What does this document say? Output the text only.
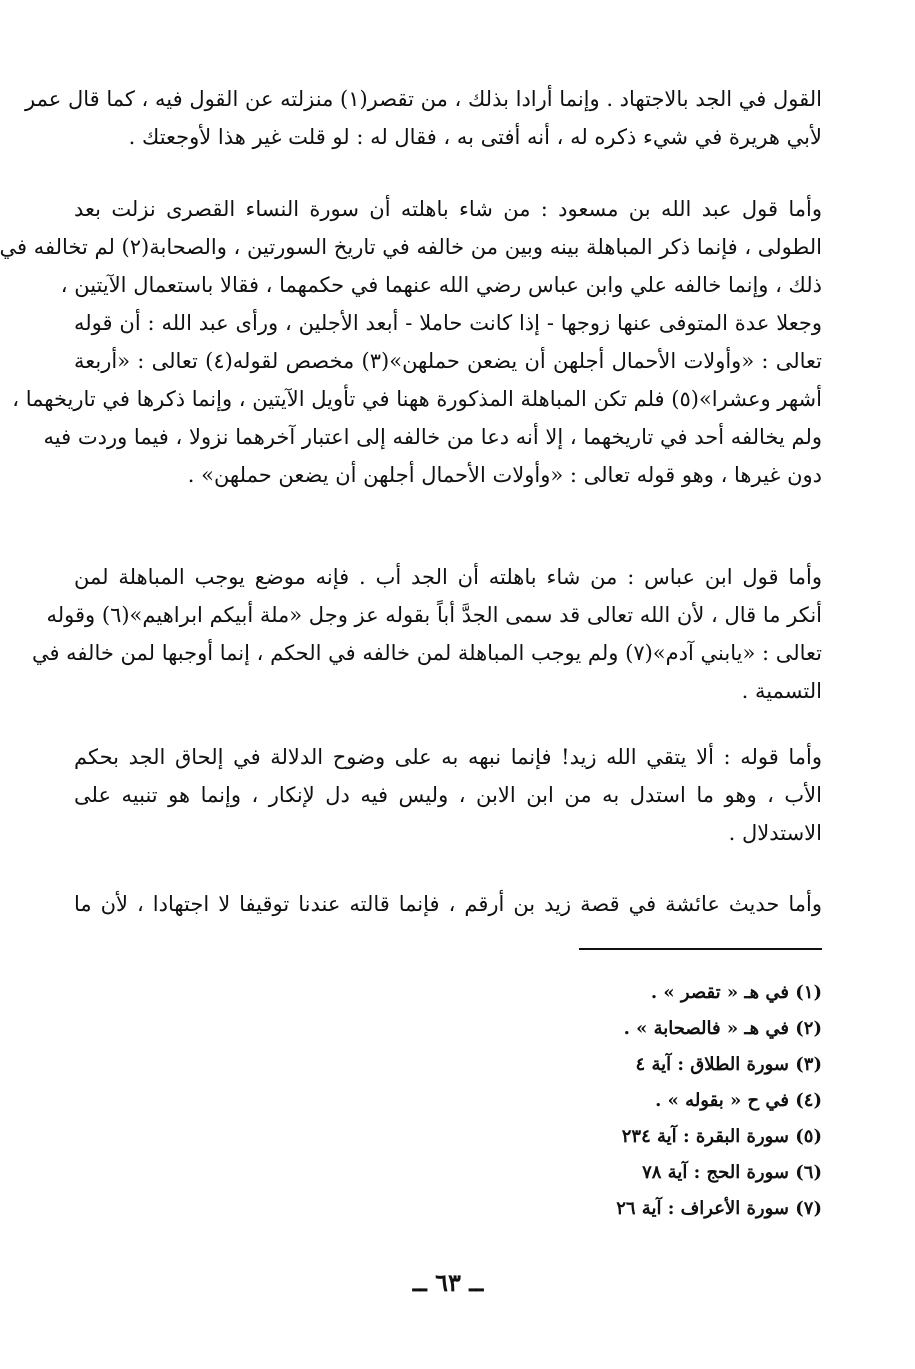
القول في الجد بالاجتهاد . وإنما أرادا بذلك ، من تقصر(١) منزلته عن القول فيه ، كما قال عمر
لأبي هريرة في شيء ذكره له ، أنه أفتى به ، فقال له : لو قلت غير هذا لأوجعتك .
وأما قول عبد الله بن مسعود : من شاء باهلته أن سورة النساء القصرى نزلت بعد
الطولى ، فإنما ذكر المباهلة بينه وبين من خالفه في تاريخ السورتين ، والصحابة(٢) لم تخالفه في
ذلك ، وإنما خالفه علي وابن عباس رضي الله عنهما في حكمهما ، فقالا باستعمال الآيتين ،
وجعلا عدة المتوفى عنها زوجها - إذا كانت حاملا - أبعد الأجلين ، ورأى عبد الله : أن قوله
تعالى : «وأولات الأحمال أجلهن أن يضعن حملهن»(٣) مخصص لقوله(٤) تعالى : «أربعة
أشهر وعشرا»(٥) فلم تكن المباهلة المذكورة ههنا في تأويل الآيتين ، وإنما ذكرها في تاريخهما ،
ولم يخالفه أحد في تاريخهما ، إلا أنه دعا من خالفه إلى اعتبار آخرهما نزولا ، فيما وردت فيه
دون غيرها ، وهو قوله تعالى : «وأولات الأحمال أجلهن أن يضعن حملهن» .
وأما قول ابن عباس : من شاء باهلته أن الجد أب . فإنه موضع يوجب المباهلة لمن
أنكر ما قال ، لأن الله تعالى قد سمى الجدَّ أباً بقوله عز وجل «ملة أبيكم ابراهيم»(٦) وقوله
تعالى : «يابني آدم»(٧) ولم يوجب المباهلة لمن خالفه في الحكم ، إنما أوجبها لمن خالفه في
التسمية .
وأما قوله : ألا يتقي الله زيد! فإنما نبهه به على وضوح الدلالة في إلحاق الجد بحكم
الأب ، وهو ما استدل به من ابن الابن ، وليس فيه دل لإنكار ، وإنما هو تنبيه على
الاستدلال .
وأما حديث عائشة في قصة زيد بن أرقم ، فإنما قالته عندنا توقيفا لا اجتهادا ، لأن ما
(١) في هـ « تقصر » .
(٢) في هـ « فالصحابة » .
(٣) سورة الطلاق : آية ٤
(٤) في ح « بقوله » .
(٥) سورة البقرة : آية ٢٣٤
(٦) سورة الحج : آية ٧٨
(٧) سورة الأعراف : آية ٢٦
ــ ٦٣ ــ
